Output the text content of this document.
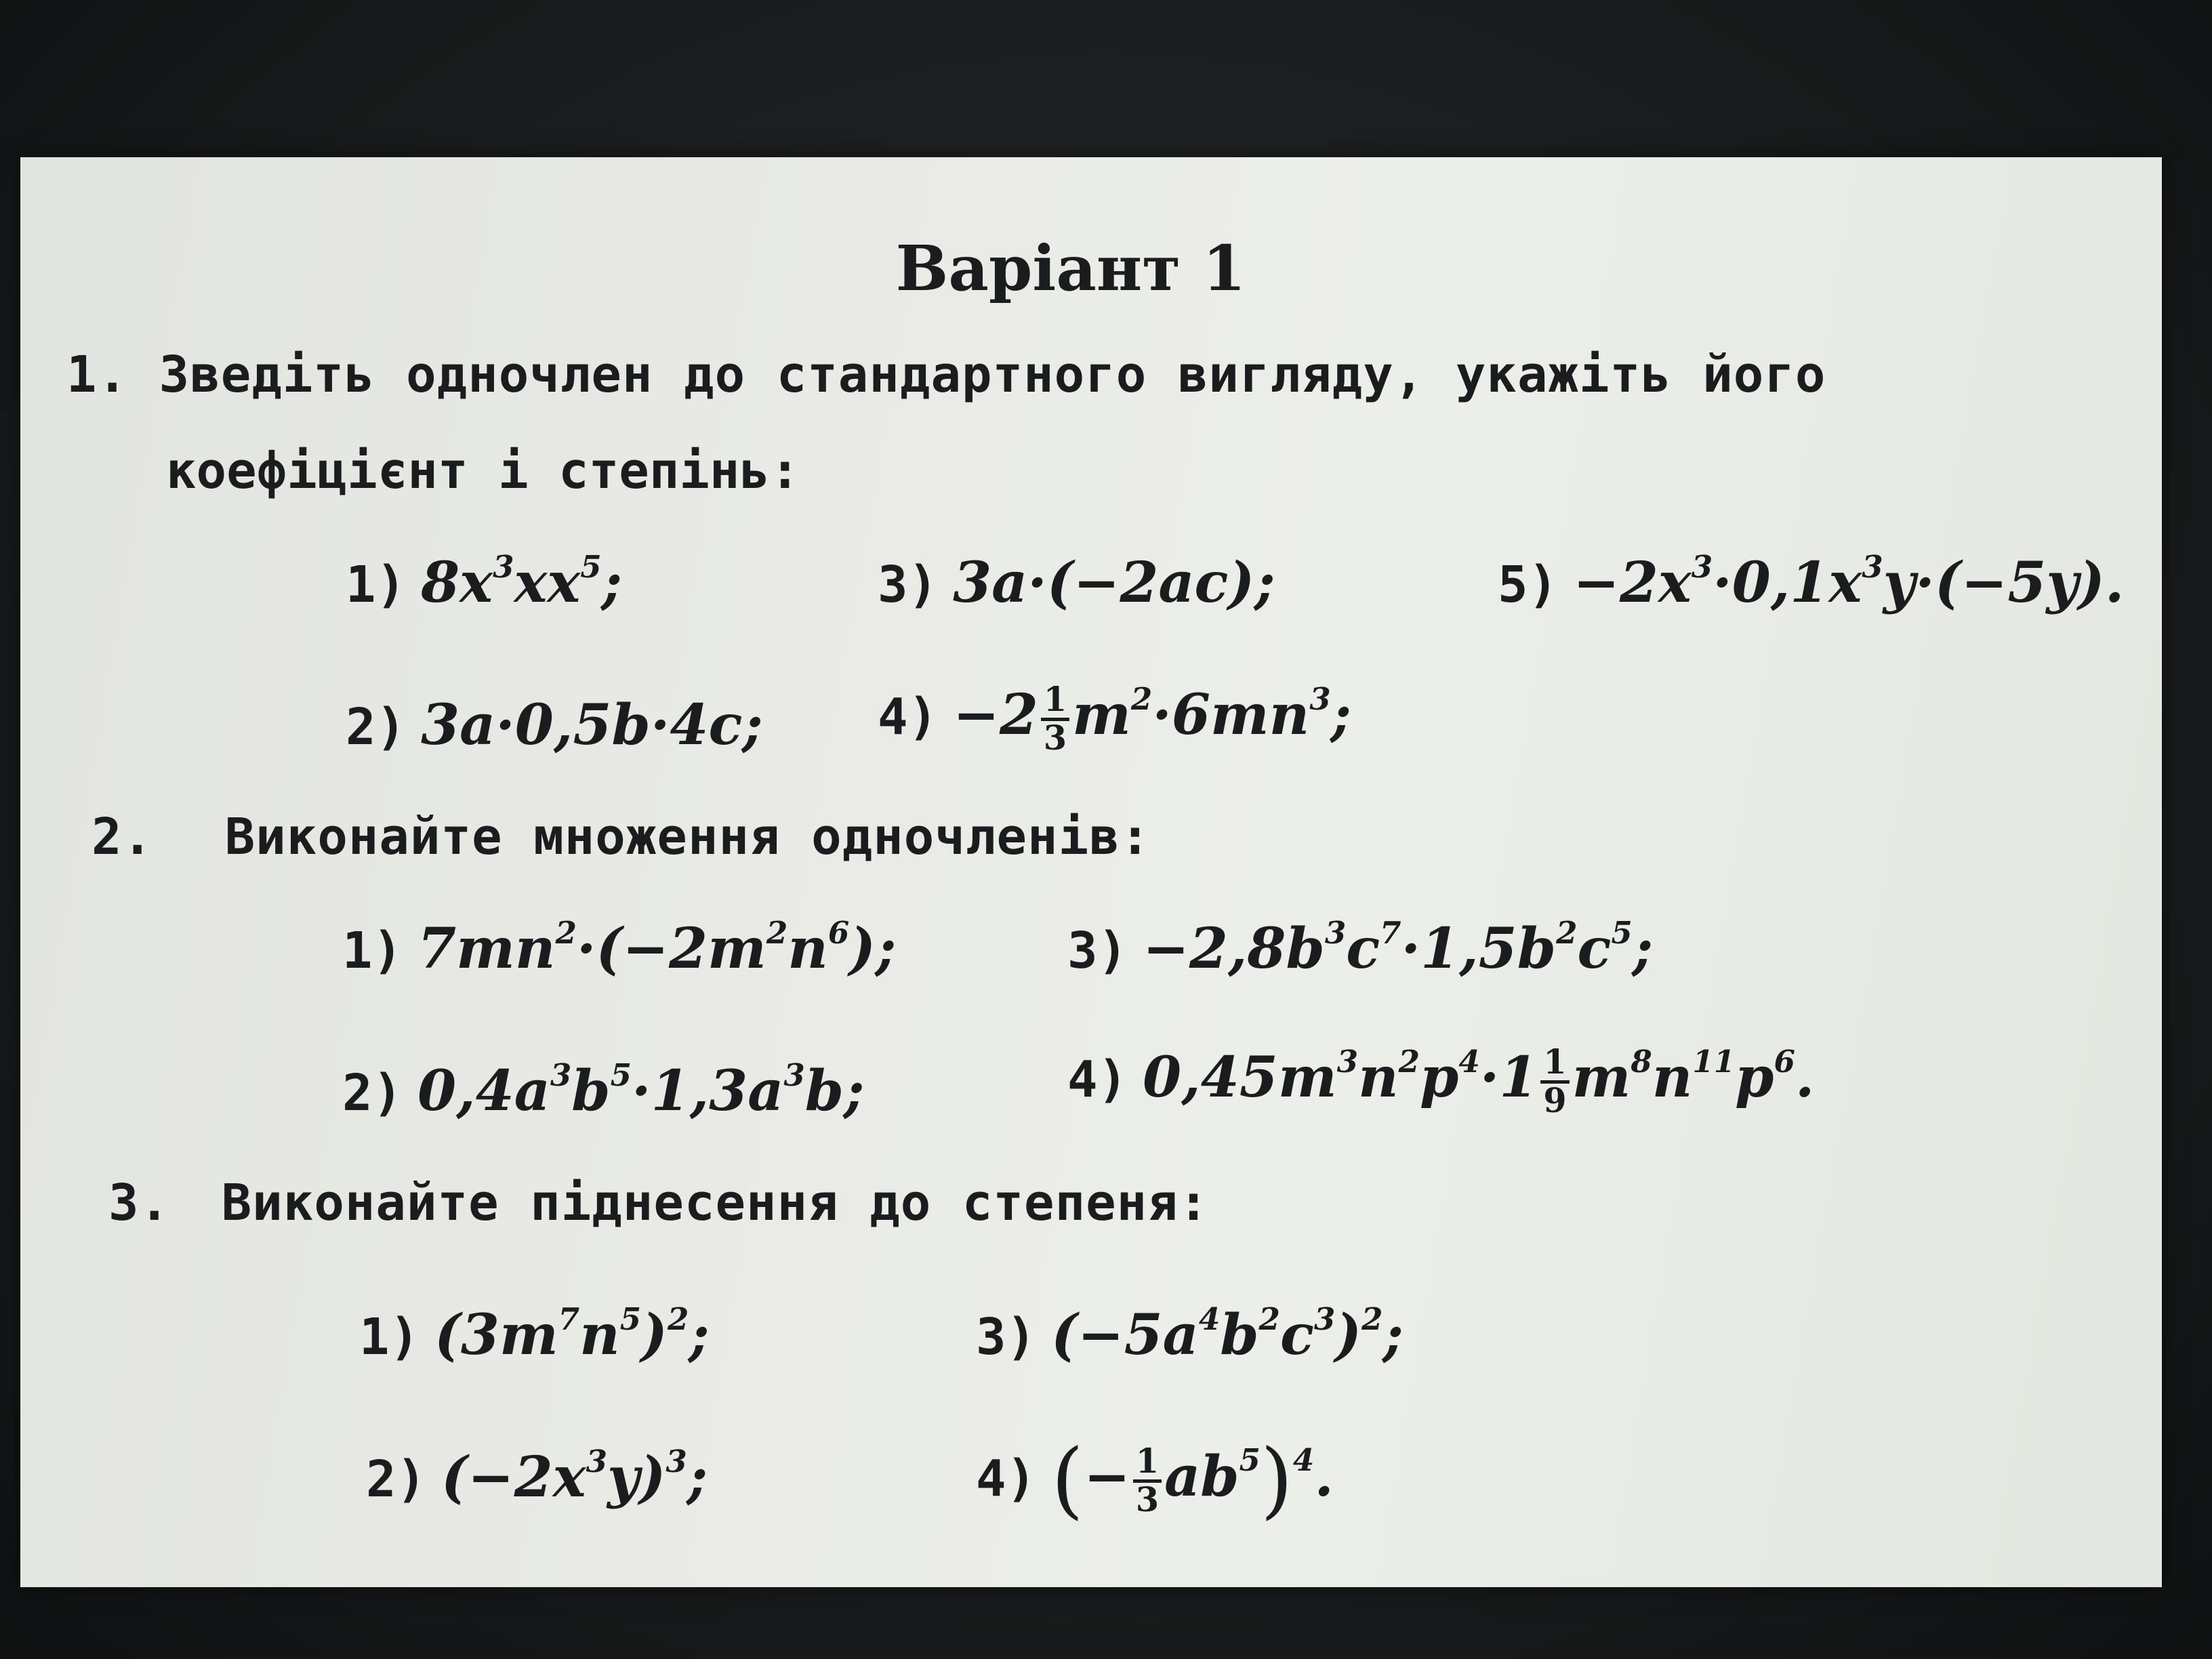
Варіант 1
1. Зведіть одночлен до стандартного вигляду, укажіть його
коефіцієнт і степінь:
1) $8x^3xx^5$;	3) 3a·(−2ac);	$5) -2x^3\cdot 0,1x^3y\cdot(-5y)$.
2) 3a·0,5b·4c; $4) -2 \frac{1}{3} m^2\cdot 6mn^3$;
2. Виконайте множення одночленів:
1) $7mn^2\cdot(-2m^2n^6)$;	$3) -2,8b^3c^7\cdot 1,5b^2c^5$;
2) $0,4a^3b^5\cdot 1,3a^3b$;	4) $0,45m^3n^2p^4\cdot 1 \frac{1}{9} m^8n^{11}p^6$.
3. Виконайте піднесення до степеня:
1) $(3m^7n^5)^2$;	3) $(-5a^4b^2c^3)^2$;
2) $(-2x^3y)^3$;	4) (− $\frac{1}{3} ab^5)^4$.
